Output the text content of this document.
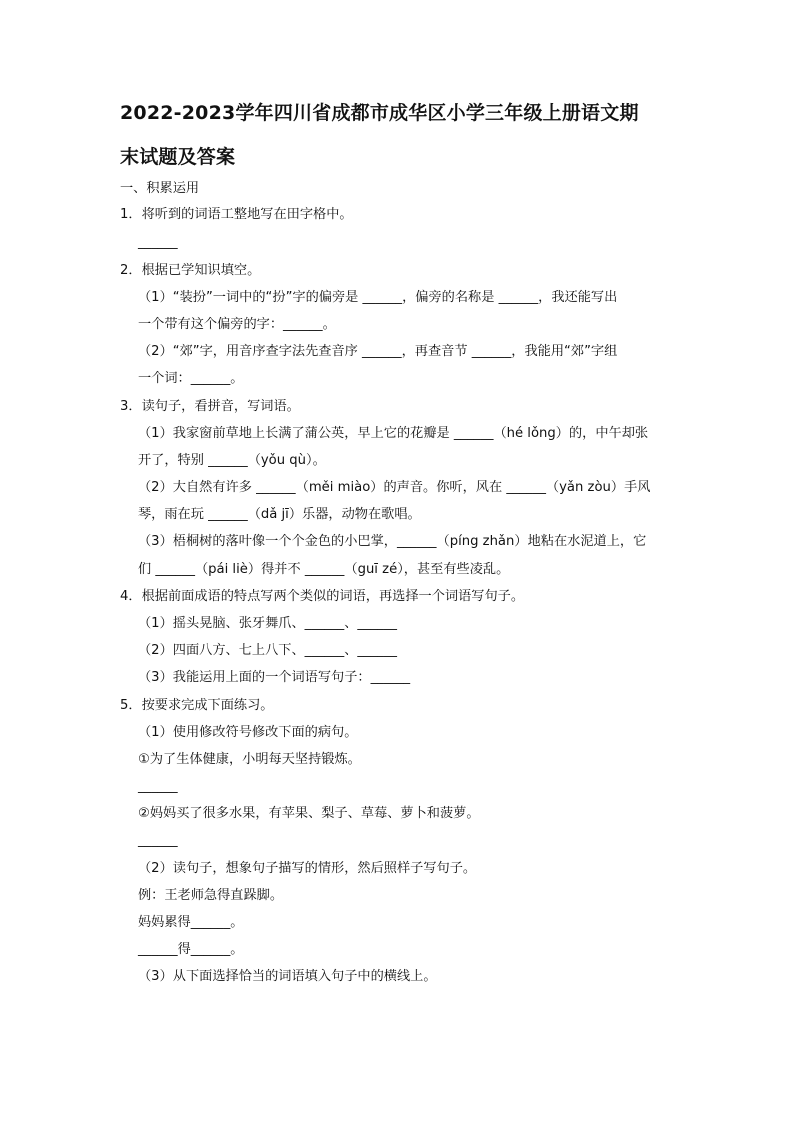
2022-2023学年四川省成都市成华区小学三年级上册语文期
末试题及答案
一、积累运用
1．将听到的词语工整地写在田字格中。
______
2．根据已学知识填空。
（1）“装扮”一词中的“扮”字的偏旁是 ______，偏旁的名称是 ______，我还能写出
一个带有这个偏旁的字：______。
（2）“郊”字，用音序查字法先查音序 ______，再查音节 ______，我能用“郊”字组
一个词：______。
3．读句子，看拼音，写词语。
（1）我家窗前草地上长满了蒲公英，早上它的花瓣是 ______（hé lǒng）的，中午却张
开了，特别 ______（yǒu qù）。
（2）大自然有许多 ______（měi miào）的声音。你听，风在 ______（yǎn zòu）手风
琴，雨在玩 ______（dǎ jī）乐器，动物在歌唱。
（3）梧桐树的落叶像一个个金色的小巴掌，______（píng zhǎn）地粘在水泥道上，它
们 ______（pái liè）得并不 ______（guī zé），甚至有些凌乱。
4．根据前面成语的特点写两个类似的词语，再选择一个词语写句子。
（1）摇头晃脑、张牙舞爪、______、______
（2）四面八方、七上八下、______、______
（3）我能运用上面的一个词语写句子：______
5．按要求完成下面练习。
（1）使用修改符号修改下面的病句。
①为了生体健康，小明每天坚持锻炼。
______
②妈妈买了很多水果，有苹果、梨子、草莓、萝卜和菠萝。
______
（2）读句子，想象句子描写的情形，然后照样子写句子。
例：王老师急得直跺脚。
妈妈累得______。
______得______。
（3）从下面选择恰当的词语填入句子中的横线上。
